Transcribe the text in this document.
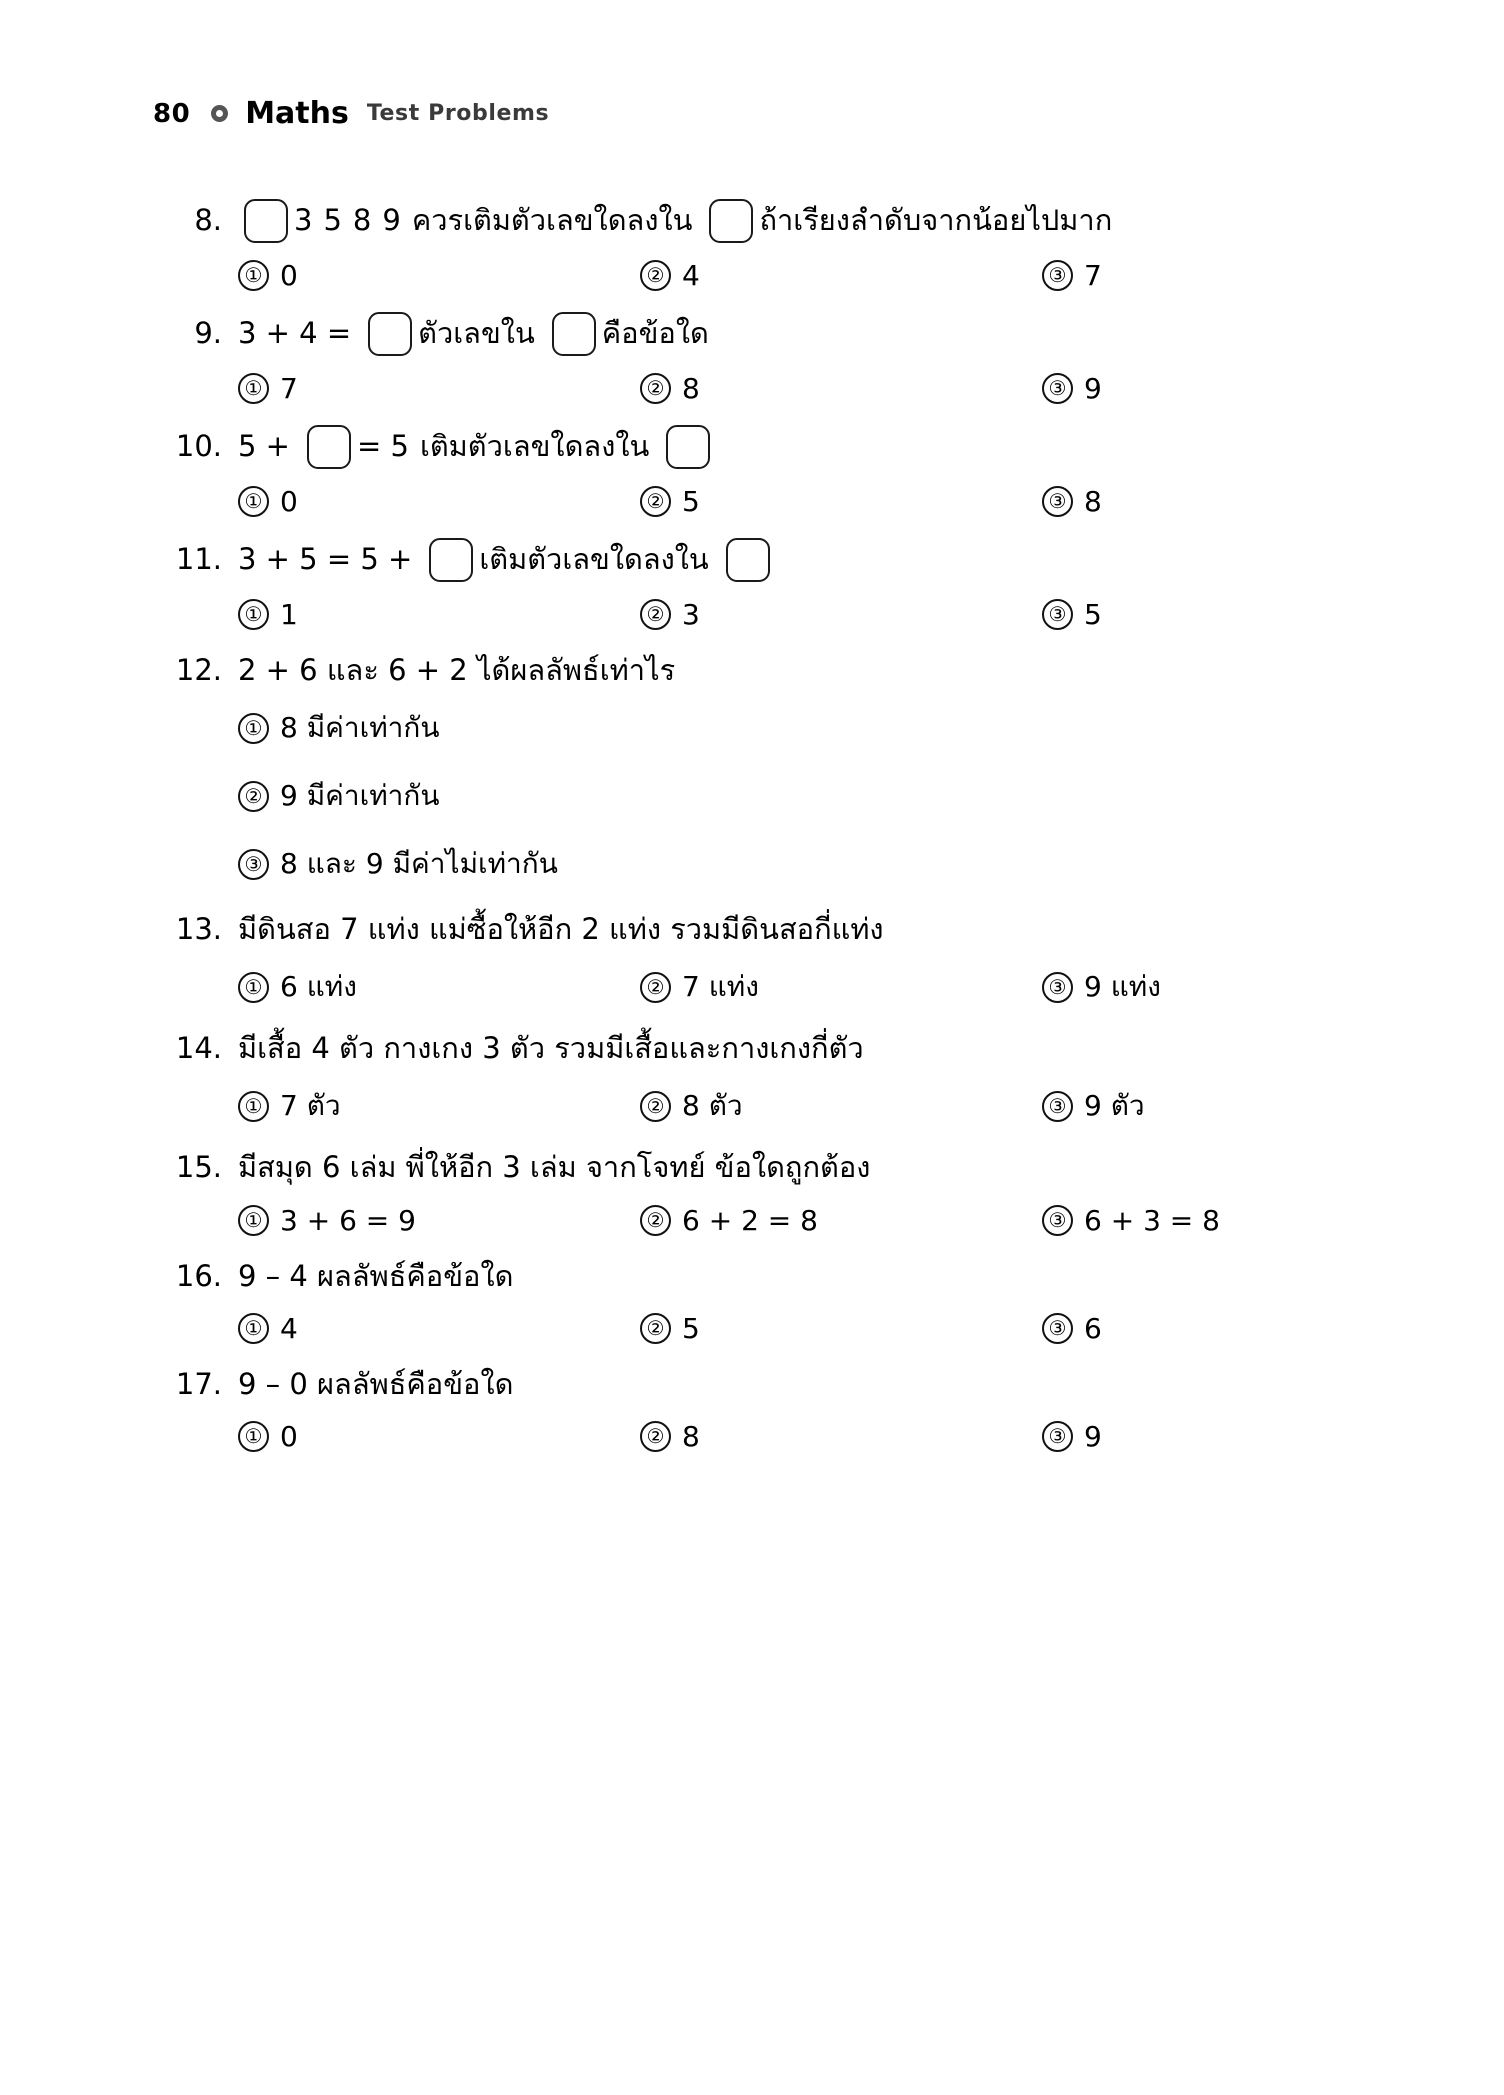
80 Maths Test Problems
8.	3 5 8 9 ควรเติมตัวเลขใดลงใน ถ้าเรียงลำดับจากน้อยไปมาก
① 0	② 4	③ 7
9. 3 + 4 = ตัวเลขใน คือข้อใด
① 7	② 8	③ 9
10. 5 + = 5 เติมตัวเลขใดลงใน
① 0	② 5	③ 8
11. 3 + 5 = 5 + เติมตัวเลขใดลงใน
① 1	② 3	③ 5
12. 2 + 6 และ 6 + 2 ได้ผลลัพธ์เท่าไร
① 8 มีค่าเท่ากัน
② 9 มีค่าเท่ากัน
③ 8 และ 9 มีค่าไม่เท่ากัน
13. มีดินสอ 7 แท่ง แม่ซื้อให้อีก 2 แท่ง รวมมีดินสอกี่แท่ง
① 6 แท่ง	② 7 แท่ง	③ 9 แท่ง
14. มีเสื้อ 4 ตัว กางเกง 3 ตัว รวมมีเสื้อและกางเกงกี่ตัว
① 7 ตัว	② 8 ตัว	③ 9 ตัว
15. มีสมุด 6 เล่ม พี่ให้อีก 3 เล่ม จากโจทย์ ข้อใดถูกต้อง
① 3 + 6 = 9	② 6 + 2 = 8	③ 6 + 3 = 8
16. 9 – 4 ผลลัพธ์คือข้อใด
① 4	② 5	③ 6
17. 9 – 0 ผลลัพธ์คือข้อใด
① 0	② 8	③ 9
